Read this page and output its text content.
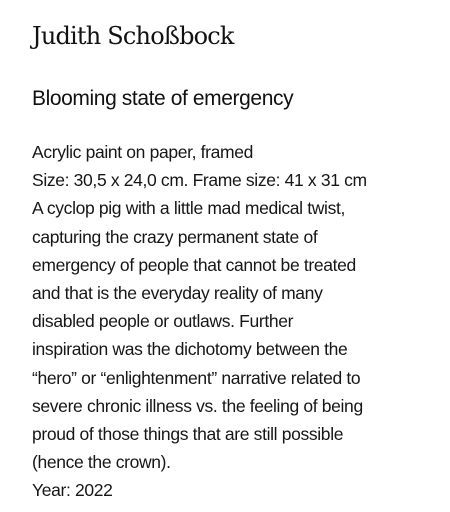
Judith Schoßbock
Blooming state of emergency
Acrylic paint on paper, framed
Size: 30,5 x 24,0 cm. Frame size: 41 x 31 cm
A cyclop pig with a little mad medical twist,
capturing the crazy permanent state of
emergency of people that cannot be treated
and that is the everyday reality of many
disabled people or outlaws. Further
inspiration was the dichotomy between the
“hero” or “enlightenment” narrative related to
severe chronic illness vs. the feeling of being
proud of those things that are still possible
(hence the crown).
Year: 2022
